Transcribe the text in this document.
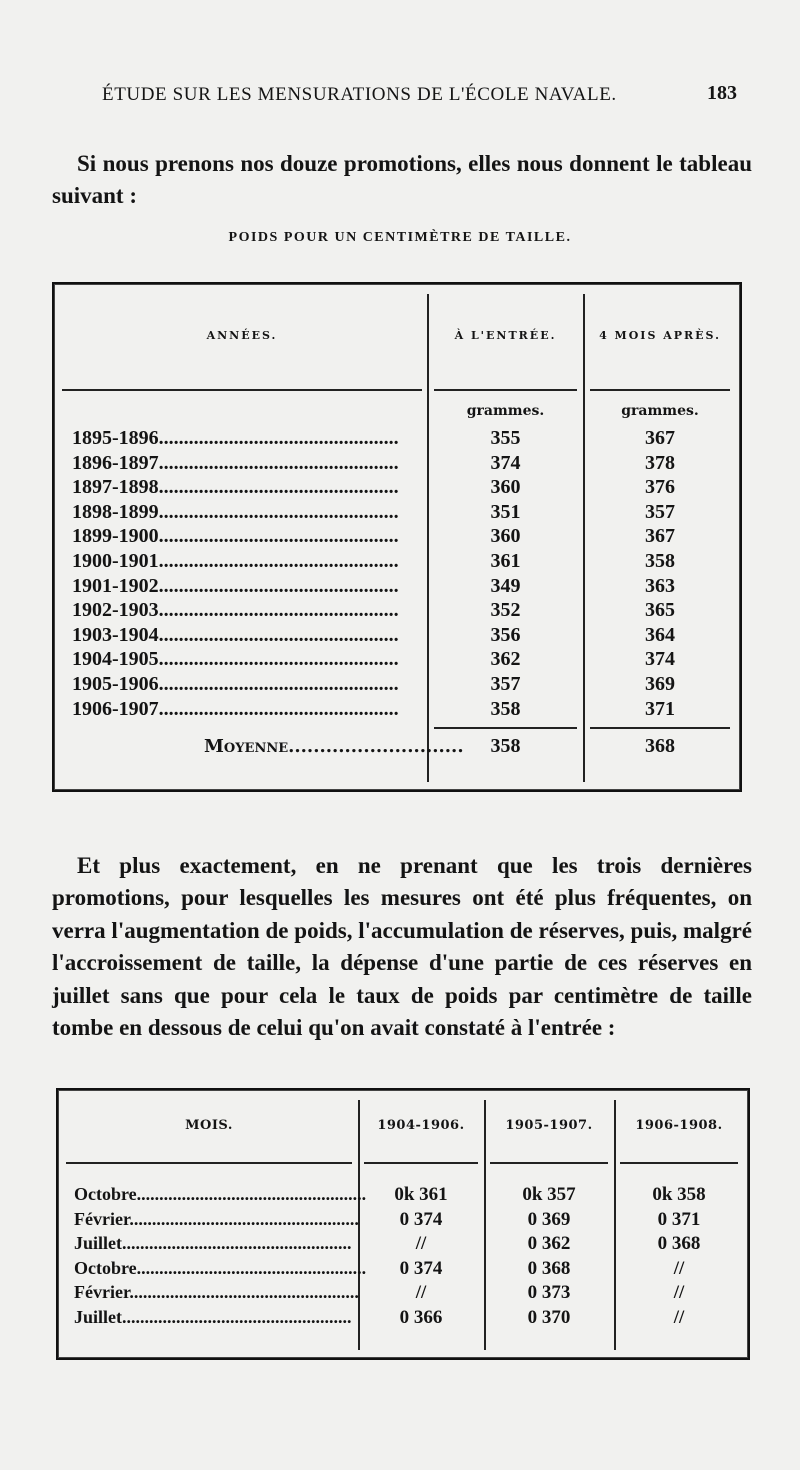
ÉTUDE SUR LES MENSURATIONS DE L'ÉCOLE NAVALE.	183

Si nous prenons nos douze promotions, elles nous donnent le tableau suivant :

POIDS POUR UN CENTIMÈTRE DE TAILLE.
ANNÉES.	À L'ENTRÉE.	4 MOIS APRÈS.
grammes.	grammes.
1895-1896................................................	355	367
1896-1897................................................	374	378
1897-1898................................................	360	376
1898-1899................................................	351	357
1899-1900................................................	360	367
1900-1901................................................	361	358
1901-1902................................................	349	363
1902-1903................................................	352	365
1903-1904................................................	356	364
1904-1905................................................	362	374
1905-1906................................................	357	369
1906-1907................................................	358	371
Moyenne............................	358	368

Et plus exactement, en ne prenant que les trois dernières promotions, pour lesquelles les mesures ont été plus fréquentes, on verra l'augmentation de poids, l'accumulation de réserves, puis, malgré l'accroissement de taille, la dépense d'une partie de ces réserves en juillet sans que pour cela le taux de poids par centimètre de taille tombe en dessous de celui qu'on avait constaté à l'entrée :

MOIS.	1904-1906.	1905-1907.	1906-1908.
Octobre...................................................	0k 361	0k 357	0k 358
Février...................................................	0 374	0 369	0 371
Juillet...................................................	//	0 362	0 368
Octobre...................................................	0 374	0 368	//
Février...................................................	//	0 373	//
Juillet...................................................	0 366	0 370	//
